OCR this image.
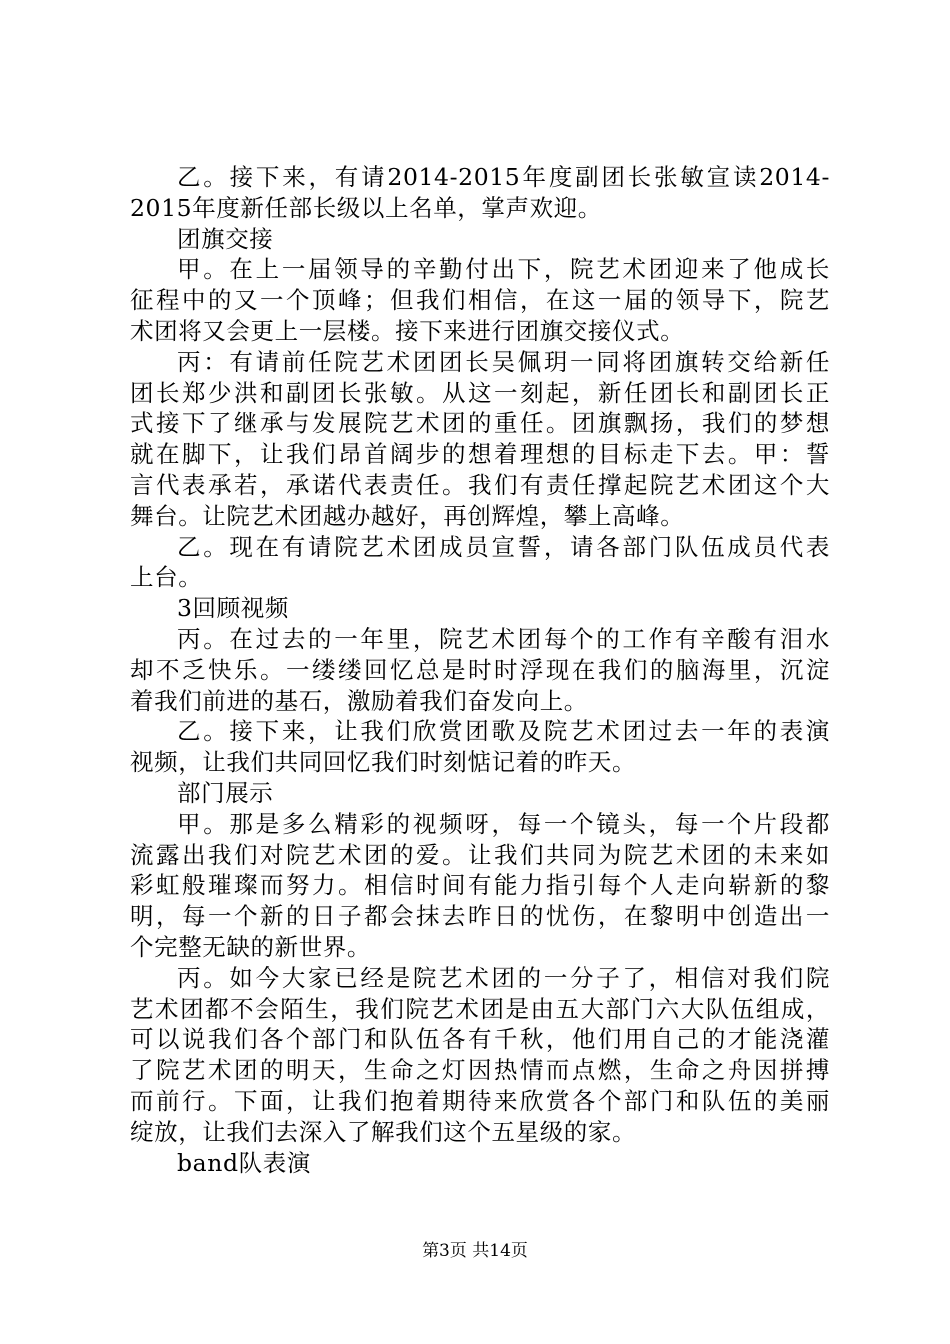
乙。接下来，有请2014-2015年度副团长张敏宣读2014-
2015年度新任部长级以上名单，掌声欢迎。
团旗交接
甲。在上一届领导的辛勤付出下，院艺术团迎来了他成长
征程中的又一个顶峰；但我们相信，在这一届的领导下，院艺
术团将又会更上一层楼。接下来进行团旗交接仪式。
丙：有请前任院艺术团团长吴佩玥一同将团旗转交给新任
团长郑少洪和副团长张敏。从这一刻起，新任团长和副团长正
式接下了继承与发展院艺术团的重任。团旗飘扬，我们的梦想
就在脚下，让我们昂首阔步的想着理想的目标走下去。甲：誓
言代表承若，承诺代表责任。我们有责任撑起院艺术团这个大
舞台。让院艺术团越办越好，再创辉煌，攀上高峰。
乙。现在有请院艺术团成员宣誓，请各部门队伍成员代表
上台。
3回顾视频
丙。在过去的一年里，院艺术团每个的工作有辛酸有泪水
却不乏快乐。一缕缕回忆总是时时浮现在我们的脑海里，沉淀
着我们前进的基石，激励着我们奋发向上。
乙。接下来，让我们欣赏团歌及院艺术团过去一年的表演
视频，让我们共同回忆我们时刻惦记着的昨天。
部门展示
甲。那是多么精彩的视频呀，每一个镜头，每一个片段都
流露出我们对院艺术团的爱。让我们共同为院艺术团的未来如
彩虹般璀璨而努力。相信时间有能力指引每个人走向崭新的黎
明，每一个新的日子都会抹去昨日的忧伤，在黎明中创造出一
个完整无缺的新世界。
丙。如今大家已经是院艺术团的一分子了，相信对我们院
艺术团都不会陌生，我们院艺术团是由五大部门六大队伍组成，
可以说我们各个部门和队伍各有千秋，他们用自己的才能浇灌
了院艺术团的明天，生命之灯因热情而点燃，生命之舟因拼搏
而前行。下面，让我们抱着期待来欣赏各个部门和队伍的美丽
绽放，让我们去深入了解我们这个五星级的家。
band队表演
第3页 共14页
